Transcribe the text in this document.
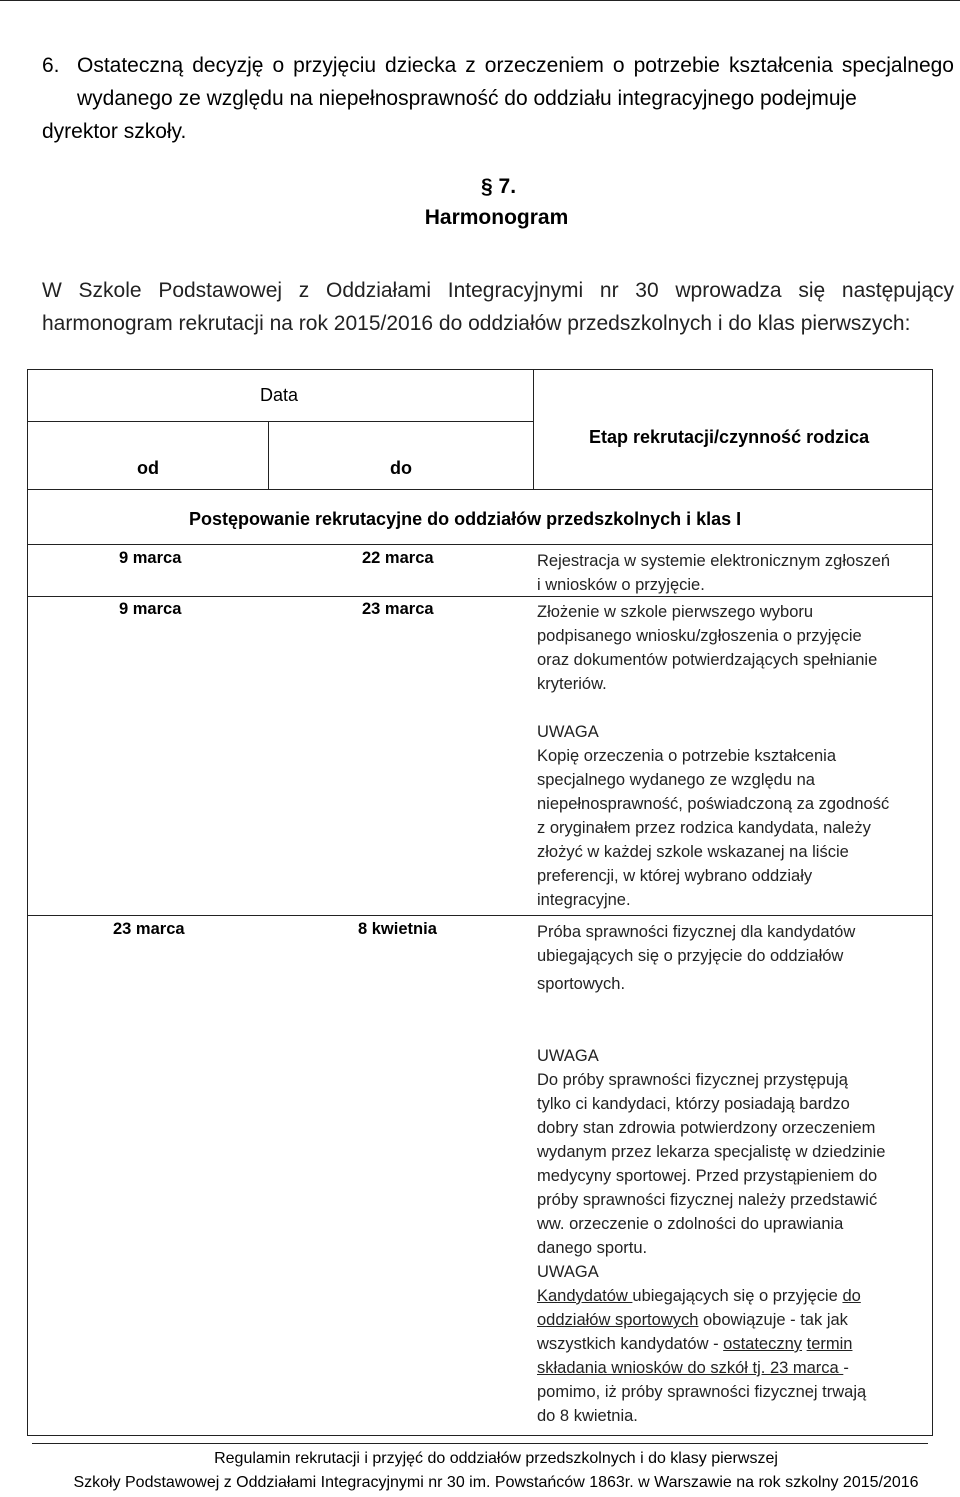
6. Ostateczną decyzję o przyjęciu dziecka z orzeczeniem o potrzebie kształcenia specjalnego wydanego ze względu na niepełnosprawność do oddziału integracyjnego podejmuje
dyrektor szkoły.
§ 7.
Harmonogram
W Szkole Podstawowej z Oddziałami Integracyjnymi nr 30 wprowadza się następujący
harmonogram rekrutacji na rok 2015/2016 do oddziałów przedszkolnych i do klas pierwszych:
Data
od	do
Etap rekrutacji/czynność rodzica
Postępowanie rekrutacyjne do oddziałów przedszkolnych i klas I
9 marca	22 marca	Rejestracja w systemie elektronicznym zgłoszeń
i wniosków o przyjęcie.
9 marca	23 marca	Złożenie w szkole pierwszego wyboru
podpisanego wniosku/zgłoszenia o przyjęcie
oraz dokumentów potwierdzających spełnianie
kryteriów.
UWAGA
Kopię orzeczenia o potrzebie kształcenia
specjalnego wydanego ze względu na
niepełnosprawność, poświadczoną za zgodność
z oryginałem przez rodzica kandydata, należy
złożyć w każdej szkole wskazanej na liście
preferencji, w której wybrano oddziały
integracyjne.
23 marca	8 kwietnia	Próba sprawności fizycznej dla kandydatów
ubiegających się o przyjęcie do oddziałów
sportowych.
UWAGA
Do próby sprawności fizycznej przystępują
tylko ci kandydaci, którzy posiadają bardzo
dobry stan zdrowia potwierdzony orzeczeniem
wydanym przez lekarza specjalistę w dziedzinie
medycyny sportowej. Przed przystąpieniem do
próby sprawności fizycznej należy przedstawić
ww. orzeczenie o zdolności do uprawiania
danego sportu.
UWAGA
Kandydatów ubiegających się o przyjęcie do
oddziałów sportowych obowiązuje - tak jak
wszystkich kandydatów - ostateczny termin
składania wniosków do szkół tj. 23 marca -
pomimo, iż próby sprawności fizycznej trwają
do 8 kwietnia.
Regulamin rekrutacji i przyjęć do oddziałów przedszkolnych i do klasy pierwszej
Szkoły Podstawowej z Oddziałami Integracyjnymi nr 30 im. Powstańców 1863r. w Warszawie na rok szkolny 2015/2016
